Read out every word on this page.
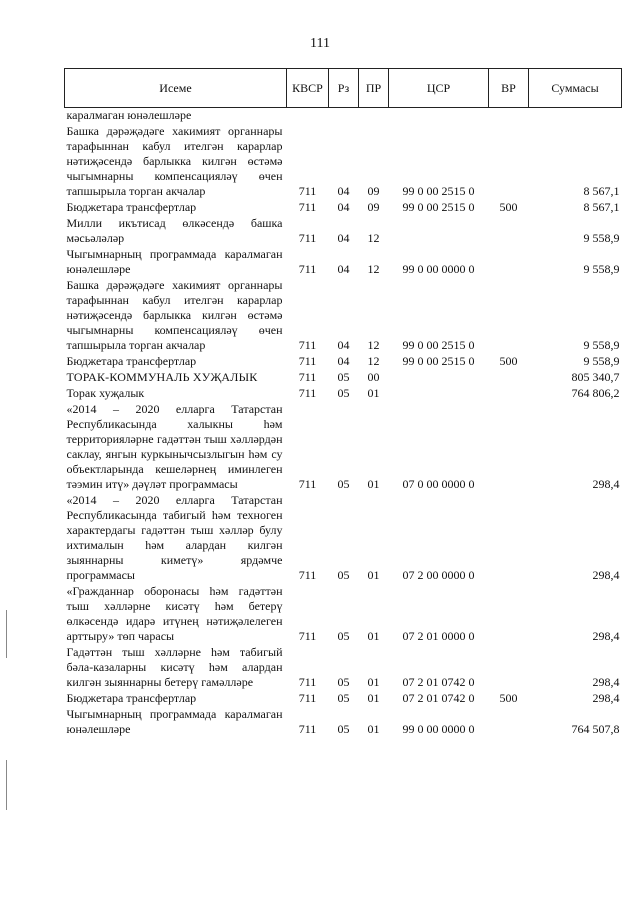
111
Исеме	КВСР	Рз	ПР	ЦСР	ВР	Суммасы
каралмаган юнәлешләре						
Башка дәрәҗәдәге хакимият органнары тарафыннан кабул ителгән карарлар нәтиҗәсендә барлыкка килгән өстәмә чыгымнарны компенсацияләү өчен тапшырыла торган акчалар	711	04	09	99 0 00 2515 0		8 567,1
Бюджетара трансфертлар	711	04	09	99 0 00 2515 0	500	8 567,1
Милли икътисад өлкәсендә башка мәсьәләләр	711	04	12			9 558,9
Чыгымнарның программада каралмаган юнәлешләре	711	04	12	99 0 00 0000 0		9 558,9
Башка дәрәҗәдәге хакимият органнары тарафыннан кабул ителгән карарлар нәтиҗәсендә барлыкка килгән өстәмә чыгымнарны компенсацияләү өчен тапшырыла торган акчалар	711	04	12	99 0 00 2515 0		9 558,9
Бюджетара трансфертлар	711	04	12	99 0 00 2515 0	500	9 558,9
ТОРАК-КОММУНАЛЬ ХУҖАЛЫК	711	05	00			805 340,7
Торак хуҗалык	711	05	01			764 806,2
«2014 – 2020 елларга Татарстан Республикасында халыкны һәм территорияләрне гадәттән тыш хәлләрдән саклау, янгын куркынычсызлыгын һәм су объектларында кешеләрнең иминлеген тәэмин итү» дәүләт программасы	711	05	01	07 0 00 0000 0		298,4
«2014 – 2020 елларга Татарстан Республикасында табигый һәм техноген характердагы гадәттән тыш хәлләр булу ихтималын һәм алардан килгән зыяннарны киметү» ярдәмче программасы	711	05	01	07 2 00 0000 0		298,4
«Гражданнар оборонасы һәм гадәттән тыш хәлләрне кисәтү һәм бетерү өлкәсендә идарә итүнең нәтиҗәлелеген арттыру» төп чарасы	711	05	01	07 2 01 0000 0		298,4
Гадәттән тыш хәлләрне һәм табигый бәла-казаларны кисәтү һәм алардан килгән зыяннарны бетерү гамәлләре	711	05	01	07 2 01 0742 0		298,4
Бюджетара трансфертлар	711	05	01	07 2 01 0742 0	500	298,4
Чыгымнарның программада каралмаган юнәлешләре	711	05	01	99 0 00 0000 0		764 507,8
